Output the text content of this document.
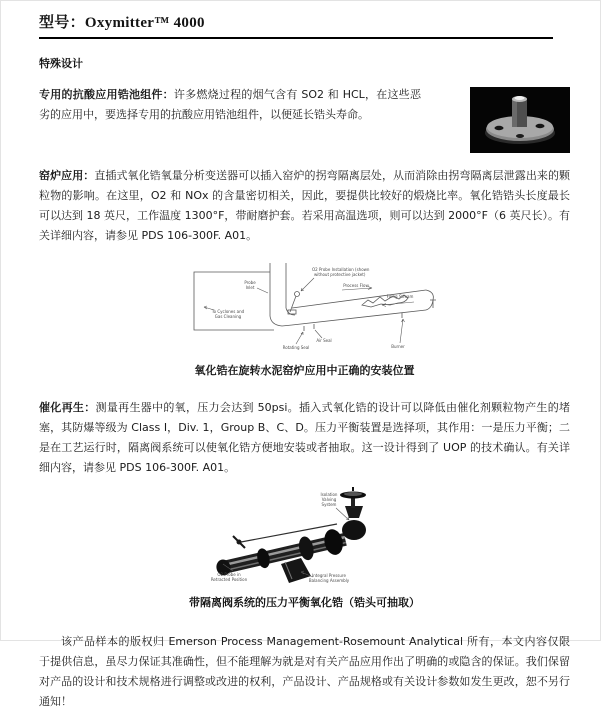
型号：Oxymitter™ 4000
特殊设计

专用的抗酸应用锆池组件：许多燃烧过程的烟气含有 SO2 和 HCL，在这些恶劣的应用中，要选择专用的抗酸应用锆池组件，以便延长锆头寿命。

窑炉应用：直插式氧化锆氧量分析变送器可以插入窑炉的拐弯隔离层处，从而消除由拐弯隔离层泄露出来的颗粒物的影响。在这里，O2 和 NOx 的含量密切相关，因此，要提供比较好的煅烧比率。氧化锆锆头长度最长可以达到 18 英尺，工作温度 1300°F，带耐磨护套。若采用高温选项，则可以达到 2000°F（6 英尺长）。有关详细内容，请参见 PDS 106-300F. A01。

Probe
Inlet
O2 Probe Installation (shown
without protective jacket)
Process Flow
Firing Stream
To Cyclones and
Gas Cleaning
Rotating Seal
Air Seal
Burner
氧化锆在旋转水泥窑炉应用中正确的安装位置

催化再生：测量再生器中的氧，压力会达到 50psi。插入式氧化锆的设计可以降低由催化剂颗粒物产生的堵塞，其防爆等级为 Class I，Div. 1，Group B、C、D。压力平衡装置是选择项，其作用：一是压力平衡；二是在工艺运行时，隔离阀系统可以使氧化锆方便地安装或者抽取。这一设计得到了 UOP 的技术确认。有关详细内容，请参见 PDS 106-300F. A01。

Isolation
Valving
System
O2 Probe in
Retracted Position
Integral Pressure
Balancing Assembly
带隔离阀系统的压力平衡氧化锆（锆头可抽取）

该产品样本的版权归 Emerson Process Management-Rosemount Analytical 所有，本文内容仅限于提供信息，虽尽力保证其准确性，但不能理解为就是对有关产品应用作出了明确的或隐含的保证。我们保留对产品的设计和技术规格进行调整或改进的权利，产品设计、产品规格或有关设计参数如发生更改，恕不另行通知！
